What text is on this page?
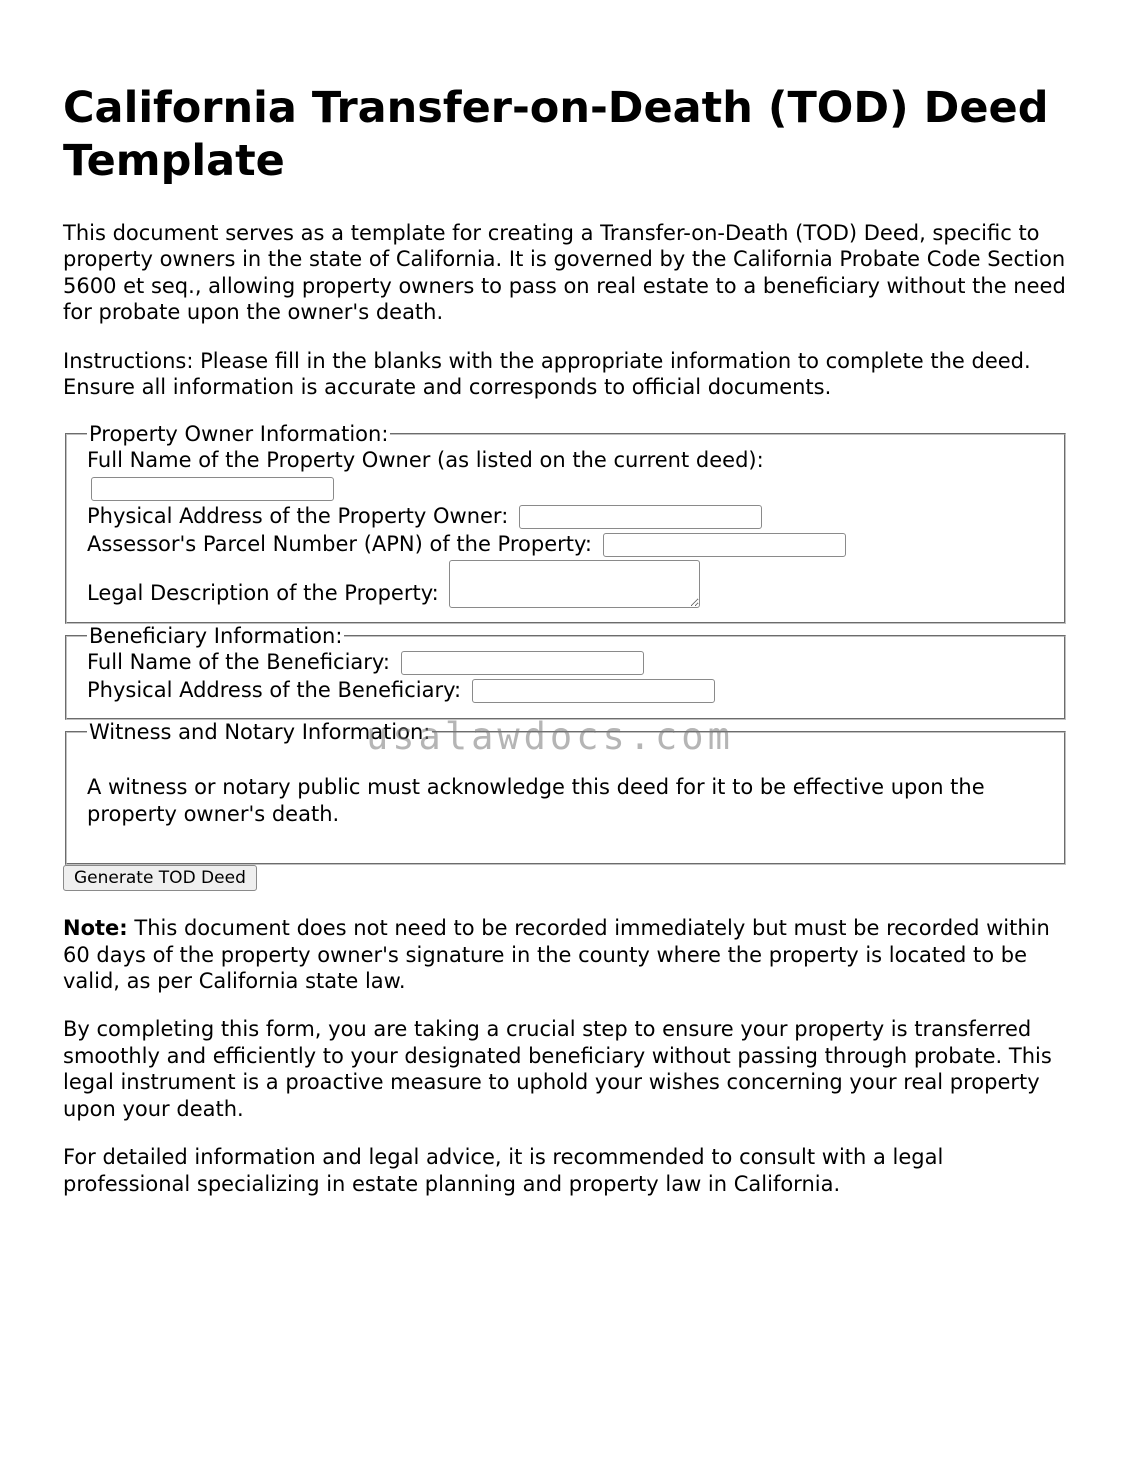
California Transfer-on-Death (TOD) Deed Template

This document serves as a template for creating a Transfer-on-Death (TOD) Deed, specific to property owners in the state of California. It is governed by the California Probate Code Section 5600 et seq., allowing property owners to pass on real estate to a beneficiary without the need for probate upon the owner's death.

Instructions: Please fill in the blanks with the appropriate information to complete the deed. Ensure all information is accurate and corresponds to official documents.

Property Owner Information:
Full Name of the Property Owner (as listed on the current deed):

Physical Address of the Property Owner:
Assessor's Parcel Number (APN) of the Property:
Legal Description of the Property:
Beneficiary Information:
Full Name of the Beneficiary:
Physical Address of the Beneficiary:
Witness and Notary Information:
A witness or notary public must acknowledge this deed for it to be effective upon the property owner's death.
Generate TOD Deed

Note: This document does not need to be recorded immediately but must be recorded within 60 days of the property owner's signature in the county where the property is located to be valid, as per California state law.

By completing this form, you are taking a crucial step to ensure your property is transferred smoothly and efficiently to your designated beneficiary without passing through probate. This legal instrument is a proactive measure to uphold your wishes concerning your real property upon your death.

For detailed information and legal advice, it is recommended to consult with a legal professional specializing in estate planning and property law in California.

usalawdocs.com
